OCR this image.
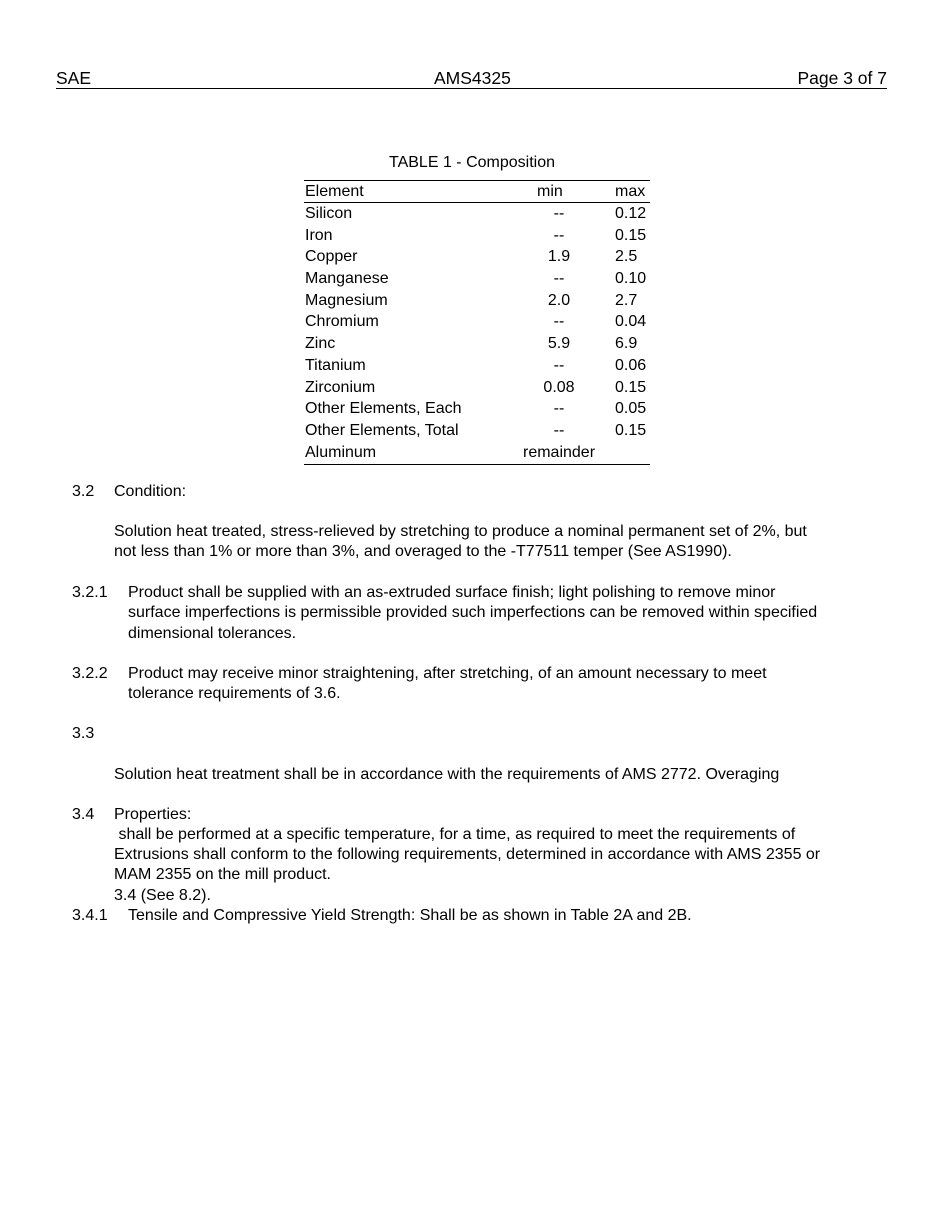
SAE	AMS4325	Page 3 of 7
TABLE 1 - Composition
Element	min	max
Silicon	--	0.12
Iron	--	0.15
Copper	1.9	2.5
Manganese	--	0.10
Magnesium	2.0	2.7
Chromium	--	0.04
Zinc	5.9	6.9
Titanium	--	0.06
Zirconium	0.08	0.15
Other Elements, Each	--	0.05
Other Elements, Total	--	0.15
Aluminum	remainder
3.2 Condition:
Solution heat treated, stress-relieved by stretching to produce a nominal permanent set of 2%, but
not less than 1% or more than 3%, and overaged to the -T77511 temper (See AS1990).
3.2.1 Product shall be supplied with an as-extruded surface finish; light polishing to remove minor
surface imperfections is permissible provided such imperfections can be removed within specified
dimensional tolerances.
3.2.2 Product may receive minor straightening, after stretching, of an amount necessary to meet
tolerance requirements of 3.6.
3.3

Solution heat treatment shall be in accordance with the requirements of AMS 2772. Overaging

shall be performed at a specific temperature, for a time, as required to meet the requirements of

3.4 (See 8.2).

3.4 Properties:
Extrusions shall conform to the following requirements, determined in accordance with AMS 2355 or
MAM 2355 on the mill product.
3.4.1 Tensile and Compressive Yield Strength: Shall be as shown in Table 2A and 2B.
